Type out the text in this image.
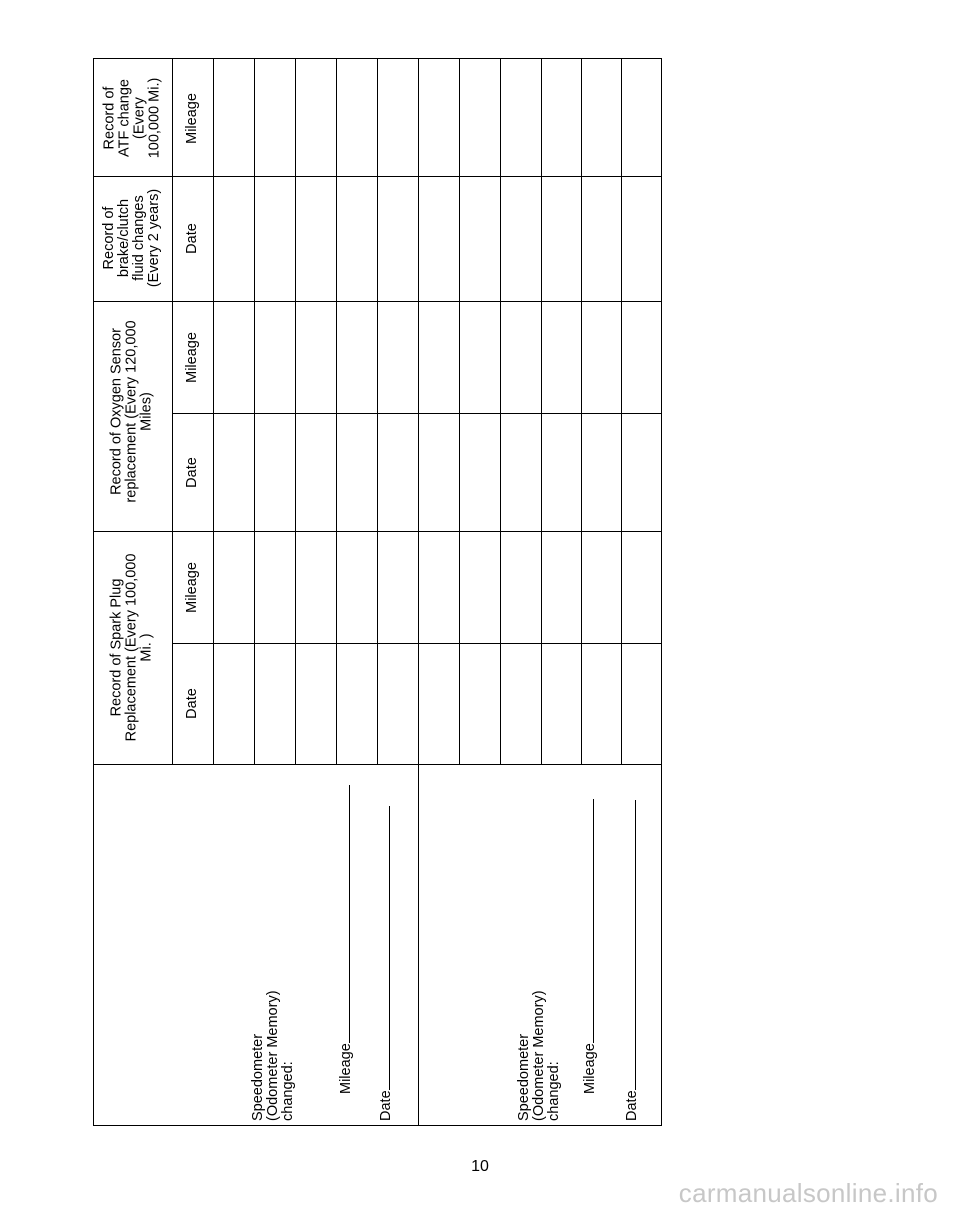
Record of Spark Plug
Replacement (Every 100,000
Mi. )
Record of Oxygen Sensor
replacement (Every 120,000
Miles)
Record of
brake/clutch
fluid changes
(Every 2 years)
Record of
ATF change
(Every
100,000 Mi.)
Date
Mileage
Date
Mileage
Date
Mileage
Speedometer
(Odometer Memory)
changed:	Mileage
Date	Speedometer
(Odometer Memory)
changed: Mileage
Date
10
carmanualsonline.info
